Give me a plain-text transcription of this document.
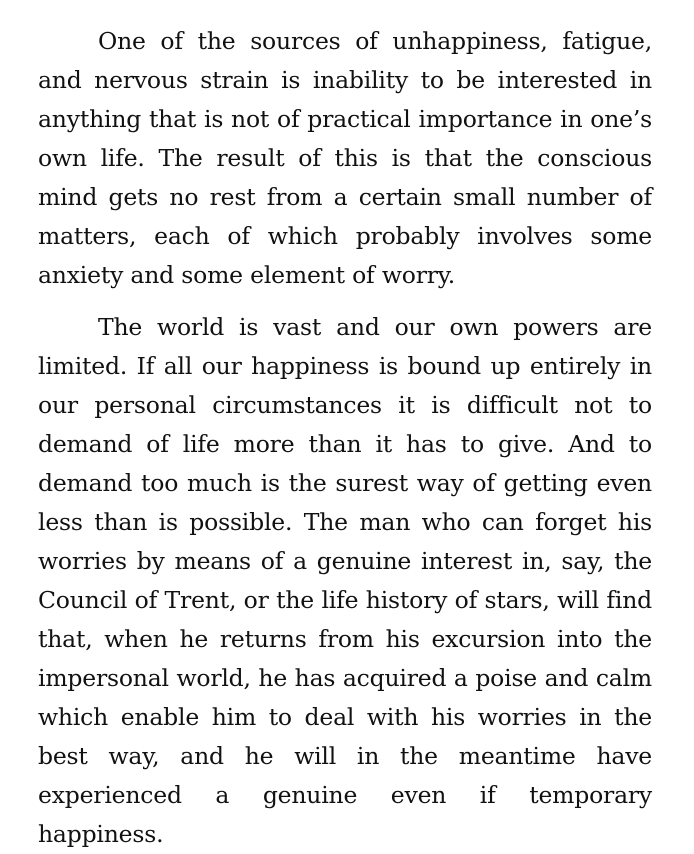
One of the sources of unhappiness, fatigue, and nervous strain is inability to be interested in anything that is not of practical importance in one’s own life. The result of this is that the conscious mind gets no rest from a certain small number of matters, each of which probably involves some anxiety and some element of worry.

The world is vast and our own powers are limited. If all our happiness is bound up entirely in our personal circumstances it is difficult not to demand of life more than it has to give. And to demand too much is the surest way of getting even less than is possible. The man who can forget his worries by means of a genuine interest in, say, the Council of Trent, or the life history of stars, will find that, when he returns from his excursion into the impersonal world, he has acquired a poise and calm which enable him to deal with his worries in the best way, and he will in the meantime have experienced a genuine even if temporary happiness.
